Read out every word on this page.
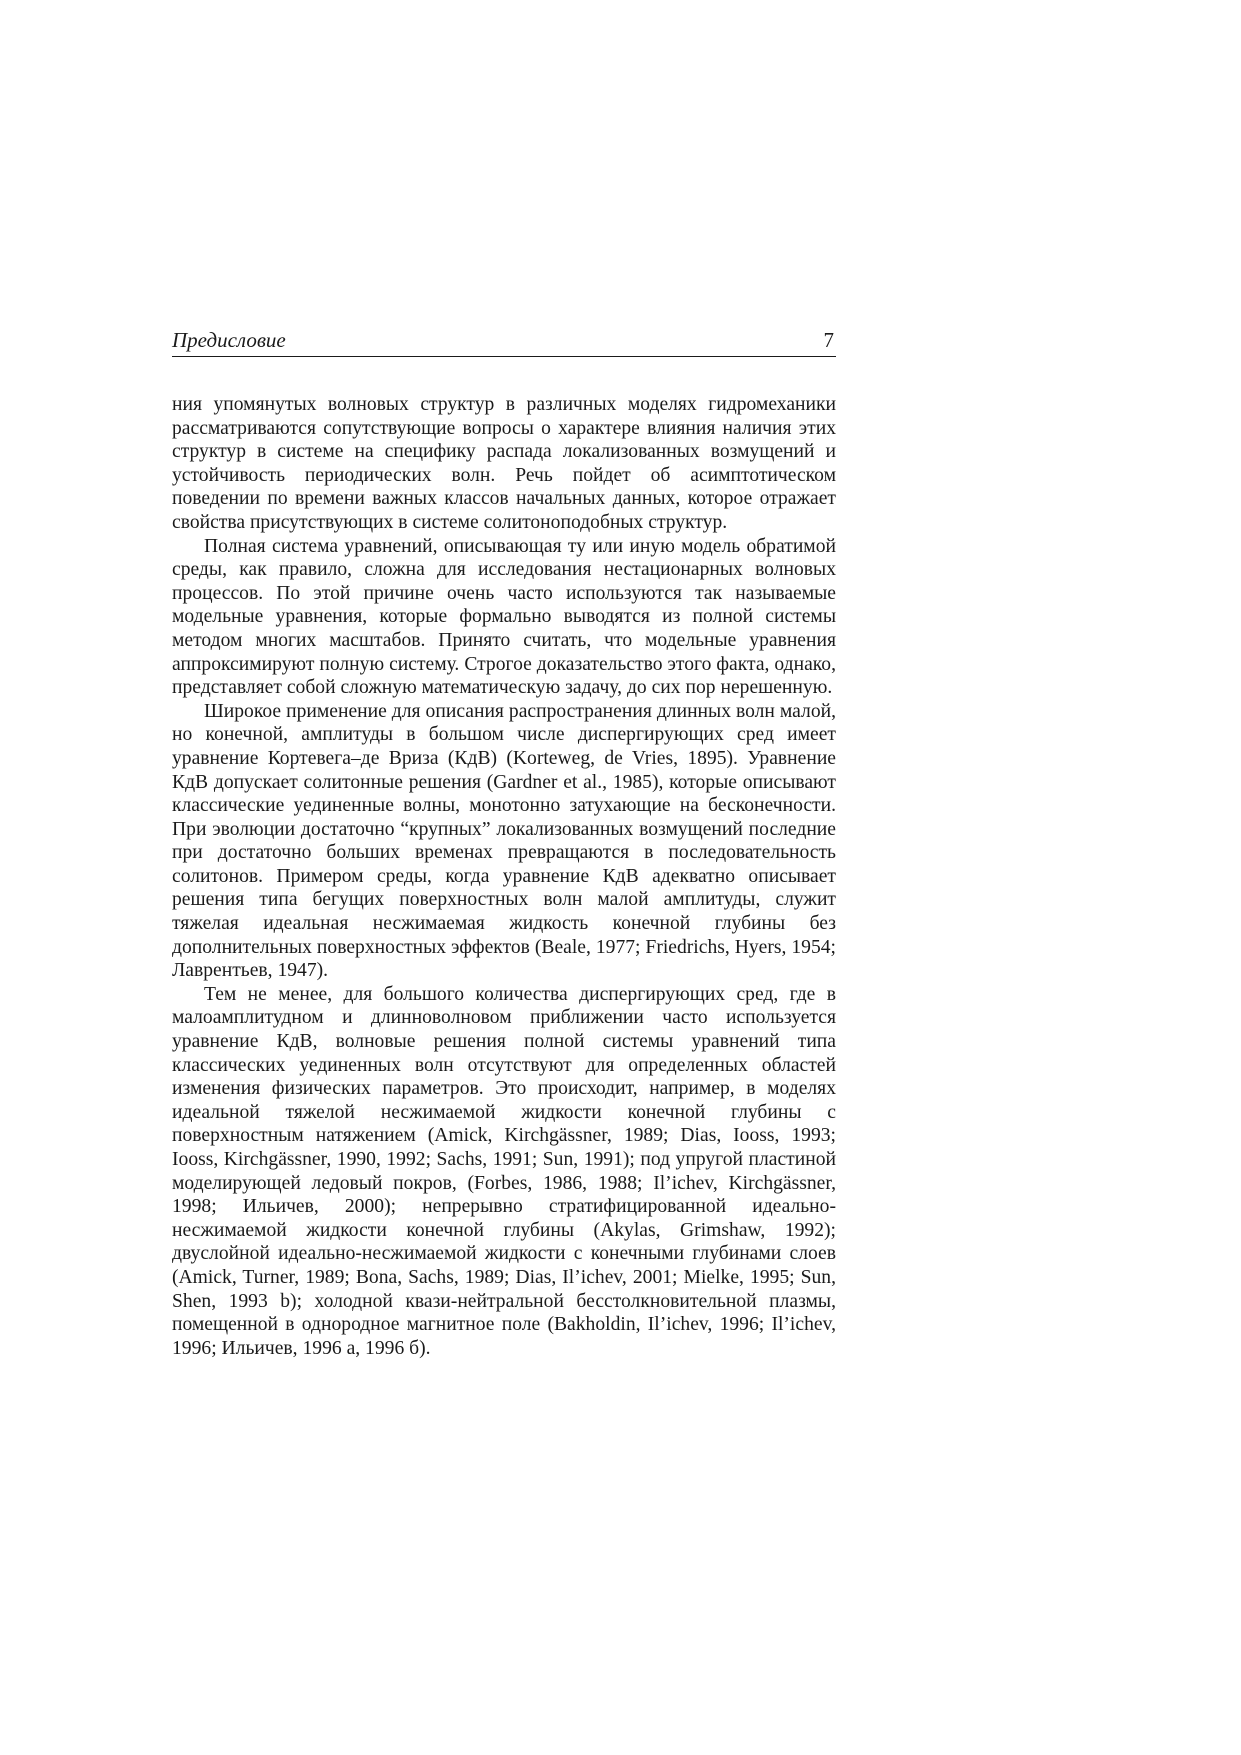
Предисловие	7

ния упомянутых волновых структур в различных моделях гидромеханики рассматриваются сопутствующие вопросы о характере влияния наличия этих структур в системе на специфику распада локализованных возмущений и устойчивость периодических волн. Речь пойдет об асимптотическом поведении по времени важных классов начальных данных, которое отражает свойства присутствующих в системе солитоноподобных структур.

Полная система уравнений, описывающая ту или иную модель обратимой среды, как правило, сложна для исследования нестационарных волновых процессов. По этой причине очень часто используются так называемые модельные уравнения, которые формально выводятся из полной системы методом многих масштабов. Принято считать, что модельные уравнения аппроксимируют полную систему. Строгое доказательство этого факта, однако, представляет собой сложную математическую задачу, до сих пор нерешенную.

Широкое применение для описания распространения длинных волн малой, но конечной, амплитуды в большом числе диспергирующих сред имеет уравнение Кортевега–де Вриза (КдВ) (Korteweg, de Vries, 1895). Уравнение КдВ допускает солитонные решения (Gardner et al., 1985), которые описывают классические уединенные волны, монотонно затухающие на бесконечности. При эволюции достаточно “крупных” локализованных возмущений последние при достаточно больших временах превращаются в последовательность солитонов. Примером среды, когда уравнение КдВ адекватно описывает решения типа бегущих поверхностных волн малой амплитуды, служит тяжелая идеальная несжимаемая жидкость конечной глубины без дополнительных поверхностных эффектов (Beale, 1977; Friedrichs, Hyers, 1954; Лаврентьев, 1947).

Тем не менее, для большого количества диспергирующих сред, где в малоамплитудном и длинноволновом приближении часто используется уравнение КдВ, волновые решения полной системы уравнений типа классических уединенных волн отсутствуют для определенных областей изменения физических параметров. Это происходит, например, в моделях идеальной тяжелой несжимаемой жидкости конечной глубины с поверхностным натяжением (Amick, Kirchgässner, 1989; Dias, Iooss, 1993; Iooss, Kirchgässner, 1990, 1992; Sachs, 1991; Sun, 1991); под упругой пластиной моделирующей ледовый покров, (Forbes, 1986, 1988; Il’ichev, Kirchgässner, 1998; Ильичев, 2000); непрерывно стратифицированной идеально-несжимаемой жидкости конечной глубины (Akylas, Grimshaw, 1992); двуслойной идеально-несжимаемой жидкости с конечными глубинами слоев (Amick, Turner, 1989; Bona, Sachs, 1989; Dias, Il’ichev, 2001; Mielke, 1995; Sun, Shen, 1993 b); холодной квази-нейтральной бесстолкновительной плазмы, помещенной в однородное магнитное поле (Bakholdin, Il’ichev, 1996; Il’ichev, 1996; Ильичев, 1996 а, 1996 б).
